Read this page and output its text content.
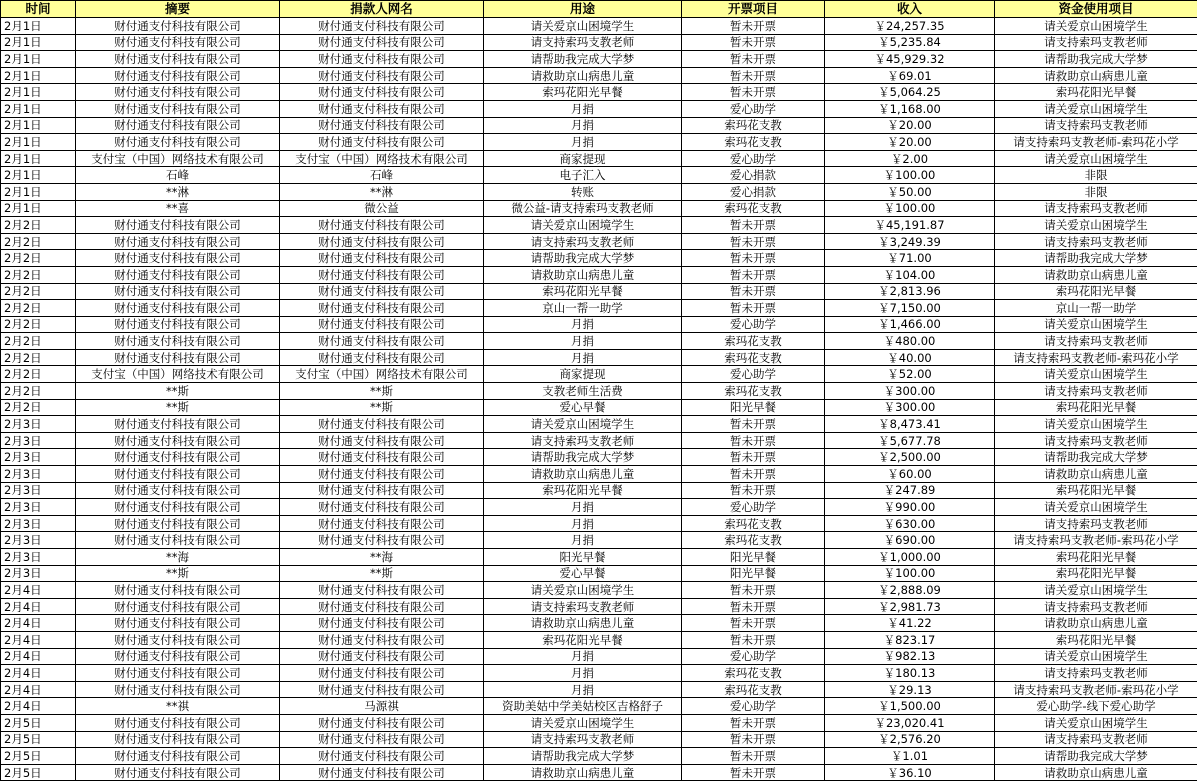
时间	摘要	捐款人网名	用途	开票项目	收入	资金使用项目
2月1日	财付通支付科技有限公司	财付通支付科技有限公司	请关爱京山困境学生	暂未开票	￥24,257.35	请关爱京山困境学生
2月1日	财付通支付科技有限公司	财付通支付科技有限公司	请支持索玛支教老师	暂未开票	￥5,235.84	请支持索玛支教老师
2月1日	财付通支付科技有限公司	财付通支付科技有限公司	请帮助我完成大学梦	暂未开票	￥45,929.32	请帮助我完成大学梦
2月1日	财付通支付科技有限公司	财付通支付科技有限公司	请救助京山病患儿童	暂未开票	￥69.01	请救助京山病患儿童
2月1日	财付通支付科技有限公司	财付通支付科技有限公司	索玛花阳光早餐	暂未开票	￥5,064.25	索玛花阳光早餐
2月1日	财付通支付科技有限公司	财付通支付科技有限公司	月捐	爱心助学	￥1,168.00	请关爱京山困境学生
2月1日	财付通支付科技有限公司	财付通支付科技有限公司	月捐	索玛花支教	￥20.00	请支持索玛支教老师
2月1日	财付通支付科技有限公司	财付通支付科技有限公司	月捐	索玛花支教	￥20.00	请支持索玛支教老师-索玛花小学
2月1日	支付宝（中国）网络技术有限公司	支付宝（中国）网络技术有限公司	商家提现	爱心助学	￥2.00	请关爱京山困境学生
2月1日	石峰	石峰	电子汇入	爱心捐款	￥100.00	非限
2月1日	**淋	**淋	转账	爱心捐款	￥50.00	非限
2月1日	**喜	微公益	微公益-请支持索玛支教老师	索玛花支教	￥100.00	请支持索玛支教老师
2月2日	财付通支付科技有限公司	财付通支付科技有限公司	请关爱京山困境学生	暂未开票	￥45,191.87	请关爱京山困境学生
2月2日	财付通支付科技有限公司	财付通支付科技有限公司	请支持索玛支教老师	暂未开票	￥3,249.39	请支持索玛支教老师
2月2日	财付通支付科技有限公司	财付通支付科技有限公司	请帮助我完成大学梦	暂未开票	￥71.00	请帮助我完成大学梦
2月2日	财付通支付科技有限公司	财付通支付科技有限公司	请救助京山病患儿童	暂未开票	￥104.00	请救助京山病患儿童
2月2日	财付通支付科技有限公司	财付通支付科技有限公司	索玛花阳光早餐	暂未开票	￥2,813.96	索玛花阳光早餐
2月2日	财付通支付科技有限公司	财付通支付科技有限公司	京山一帮一助学	暂未开票	￥7,150.00	京山一帮一助学
2月2日	财付通支付科技有限公司	财付通支付科技有限公司	月捐	爱心助学	￥1,466.00	请关爱京山困境学生
2月2日	财付通支付科技有限公司	财付通支付科技有限公司	月捐	索玛花支教	￥480.00	请支持索玛支教老师
2月2日	财付通支付科技有限公司	财付通支付科技有限公司	月捐	索玛花支教	￥40.00	请支持索玛支教老师-索玛花小学
2月2日	支付宝（中国）网络技术有限公司	支付宝（中国）网络技术有限公司	商家提现	爱心助学	￥52.00	请关爱京山困境学生
2月2日	**斯	**斯	支教老师生活费	索玛花支教	￥300.00	请支持索玛支教老师
2月2日	**斯	**斯	爱心早餐	阳光早餐	￥300.00	索玛花阳光早餐
2月3日	财付通支付科技有限公司	财付通支付科技有限公司	请关爱京山困境学生	暂未开票	￥8,473.41	请关爱京山困境学生
2月3日	财付通支付科技有限公司	财付通支付科技有限公司	请支持索玛支教老师	暂未开票	￥5,677.78	请支持索玛支教老师
2月3日	财付通支付科技有限公司	财付通支付科技有限公司	请帮助我完成大学梦	暂未开票	￥2,500.00	请帮助我完成大学梦
2月3日	财付通支付科技有限公司	财付通支付科技有限公司	请救助京山病患儿童	暂未开票	￥60.00	请救助京山病患儿童
2月3日	财付通支付科技有限公司	财付通支付科技有限公司	索玛花阳光早餐	暂未开票	￥247.89	索玛花阳光早餐
2月3日	财付通支付科技有限公司	财付通支付科技有限公司	月捐	爱心助学	￥990.00	请关爱京山困境学生
2月3日	财付通支付科技有限公司	财付通支付科技有限公司	月捐	索玛花支教	￥630.00	请支持索玛支教老师
2月3日	财付通支付科技有限公司	财付通支付科技有限公司	月捐	索玛花支教	￥690.00	请支持索玛支教老师-索玛花小学
2月3日	**海	**海	阳光早餐	阳光早餐	￥1,000.00	索玛花阳光早餐
2月3日	**斯	**斯	爱心早餐	阳光早餐	￥100.00	索玛花阳光早餐
2月4日	财付通支付科技有限公司	财付通支付科技有限公司	请关爱京山困境学生	暂未开票	￥2,888.09	请关爱京山困境学生
2月4日	财付通支付科技有限公司	财付通支付科技有限公司	请支持索玛支教老师	暂未开票	￥2,981.73	请支持索玛支教老师
2月4日	财付通支付科技有限公司	财付通支付科技有限公司	请救助京山病患儿童	暂未开票	￥41.22	请救助京山病患儿童
2月4日	财付通支付科技有限公司	财付通支付科技有限公司	索玛花阳光早餐	暂未开票	￥823.17	索玛花阳光早餐
2月4日	财付通支付科技有限公司	财付通支付科技有限公司	月捐	爱心助学	￥982.13	请关爱京山困境学生
2月4日	财付通支付科技有限公司	财付通支付科技有限公司	月捐	索玛花支教	￥180.13	请支持索玛支教老师
2月4日	财付通支付科技有限公司	财付通支付科技有限公司	月捐	索玛花支教	￥29.13	请支持索玛支教老师-索玛花小学
2月4日	**祺	马源祺	资助美姑中学美姑校区吉格舒子	爱心助学	￥1,500.00	爱心助学-线下爱心助学
2月5日	财付通支付科技有限公司	财付通支付科技有限公司	请关爱京山困境学生	暂未开票	￥23,020.41	请关爱京山困境学生
2月5日	财付通支付科技有限公司	财付通支付科技有限公司	请支持索玛支教老师	暂未开票	￥2,576.20	请支持索玛支教老师
2月5日	财付通支付科技有限公司	财付通支付科技有限公司	请帮助我完成大学梦	暂未开票	￥1.01	请帮助我完成大学梦
2月5日	财付通支付科技有限公司	财付通支付科技有限公司	请救助京山病患儿童	暂未开票	￥36.10	请救助京山病患儿童
